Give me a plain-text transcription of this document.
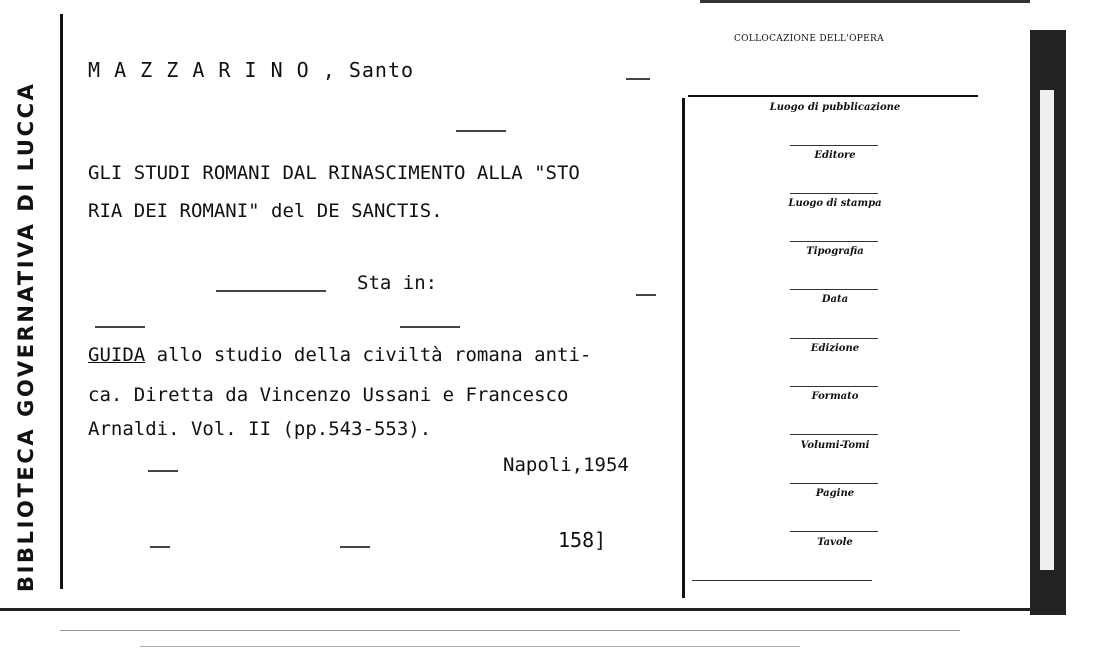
BIBLIOTECA GOVERNATIVA DI LUCCA
M A Z Z A R I N O , Santo
GLI STUDI ROMANI DAL RINASCIMENTO ALLA "STO
RIA DEI ROMANI" del DE SANCTIS.
Sta in:
GUIDA allo studio della civiltà romana anti-
ca. Diretta da Vincenzo Ussani e Francesco
Arnaldi. Vol. II (pp.543-553).
Napoli,1954
158]
COLLOCAZIONE DELL'OPERA
Luogo di pubblicazione
Editore
Luogo di stampa
Tipografia
Data
Edizione
Formato
Volumi-Tomi
Pagine
Tavole
